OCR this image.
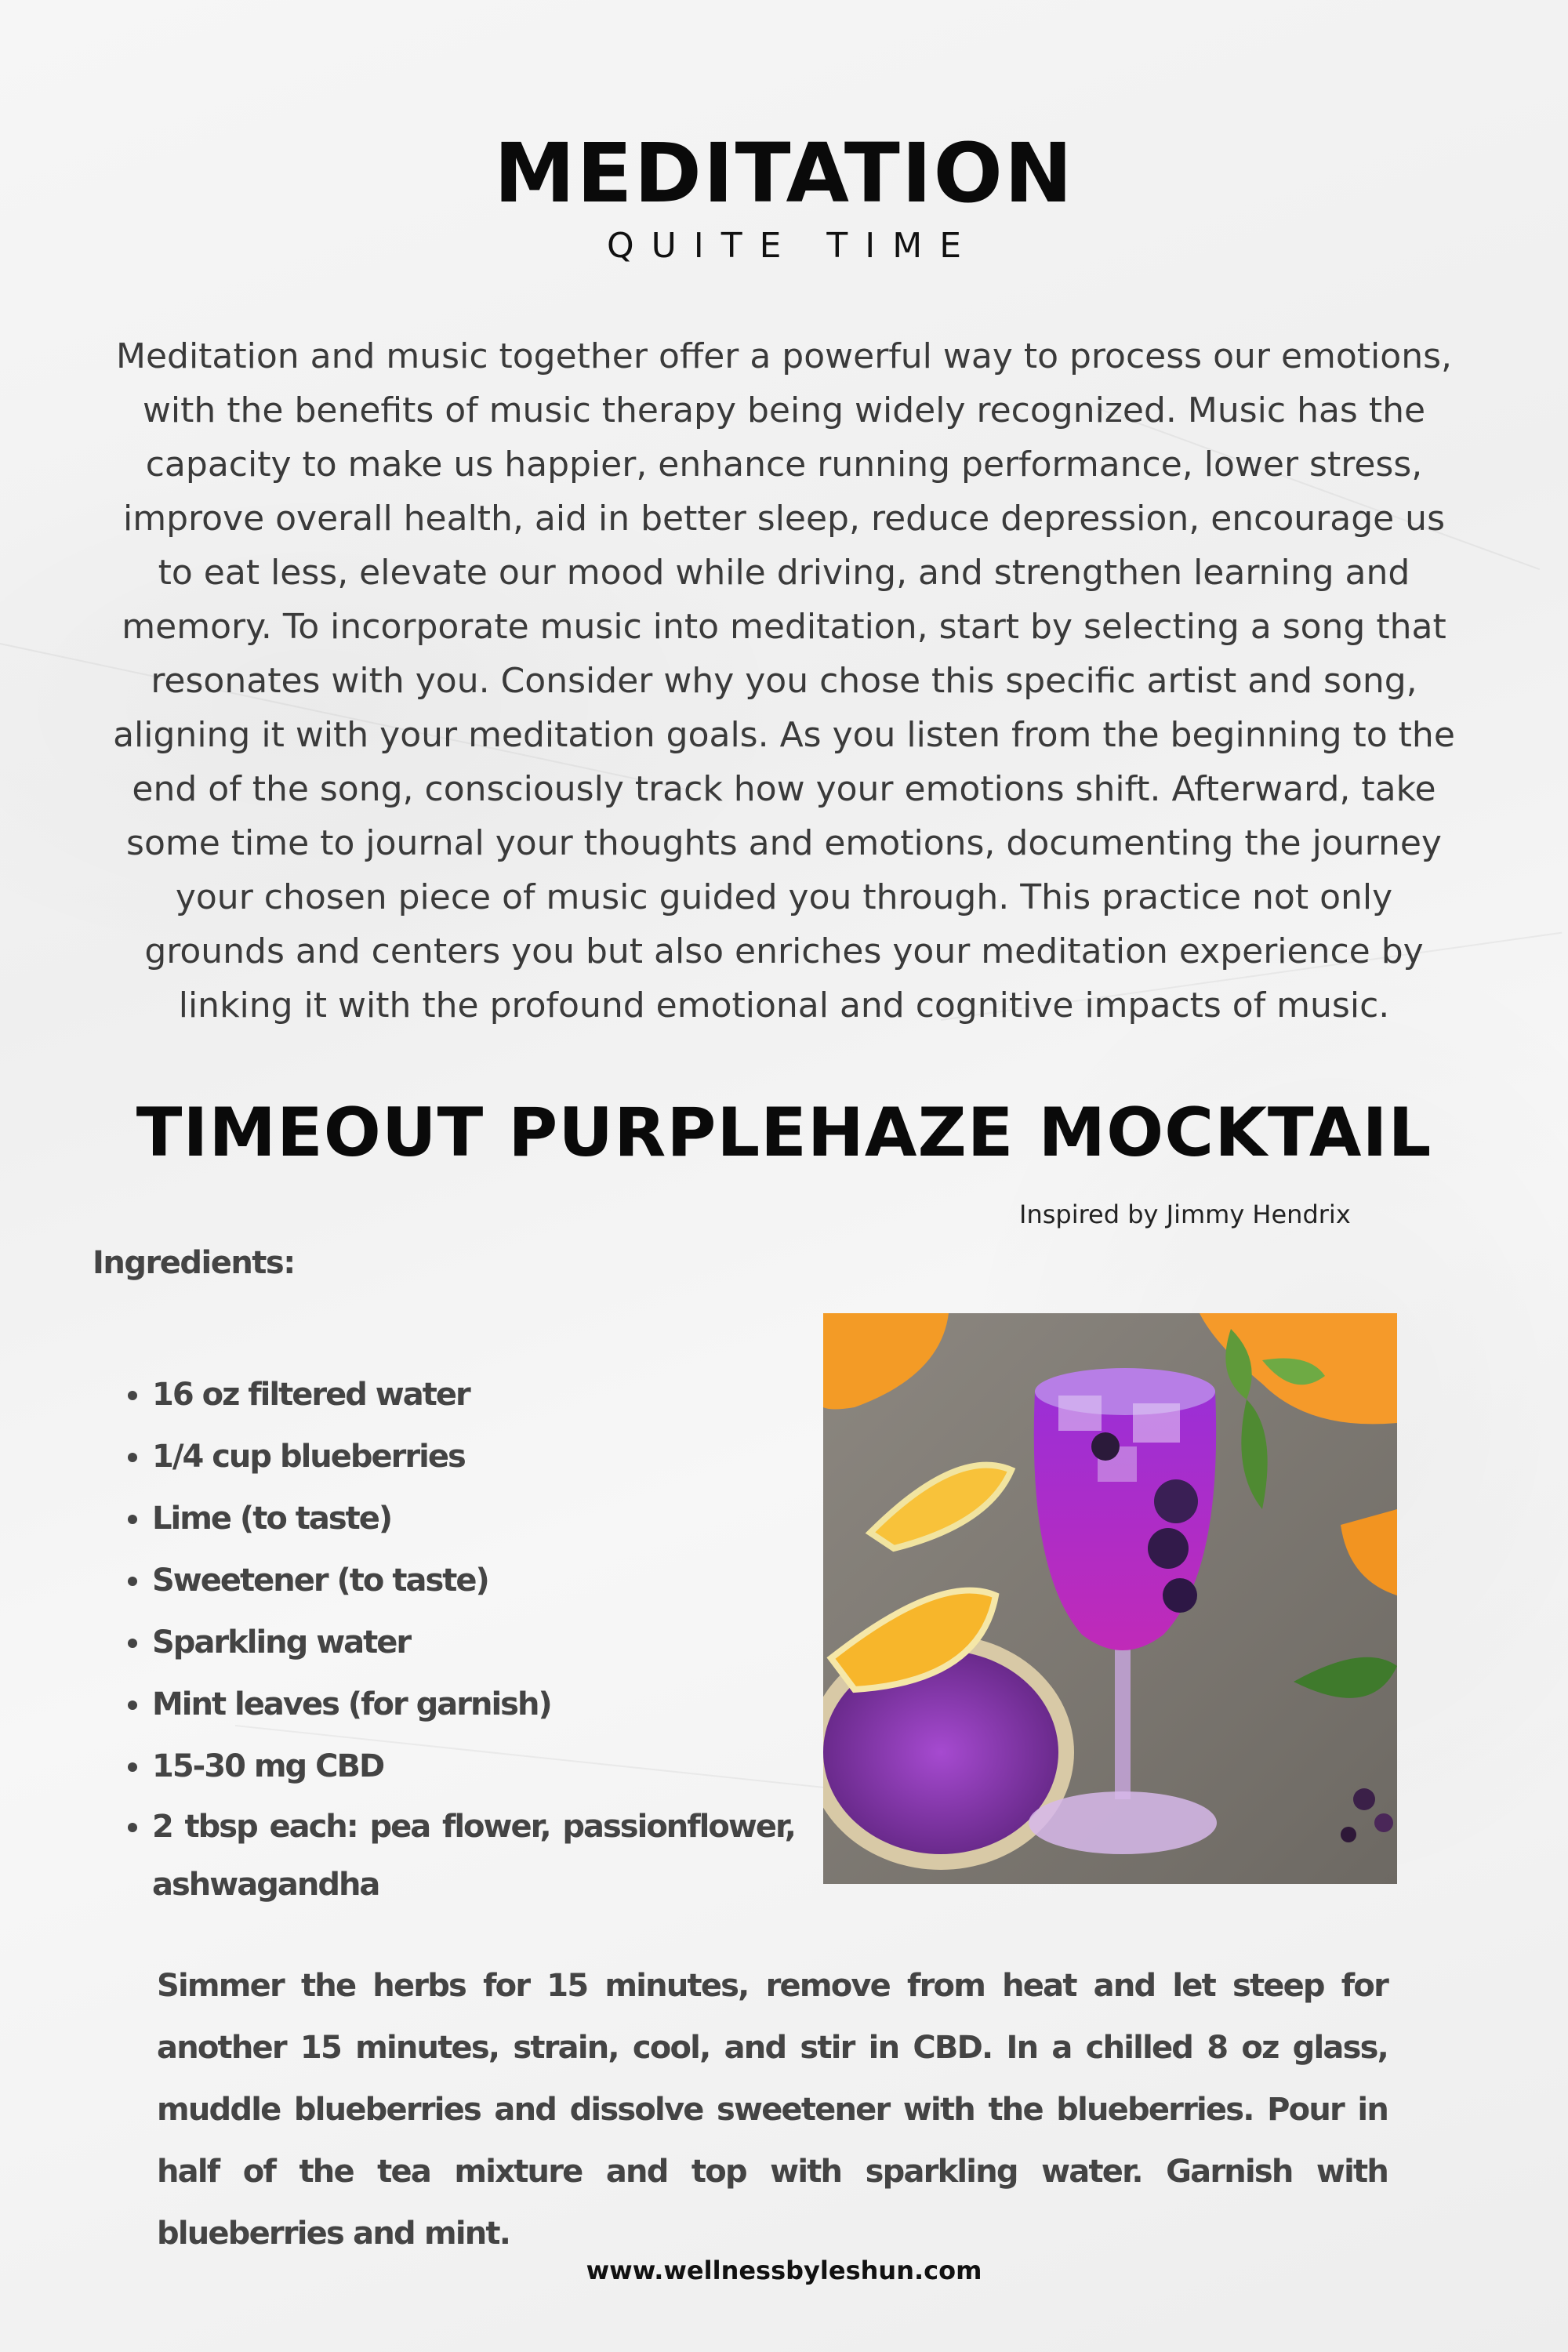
MEDITATION
QUITE TIME

Meditation and music together offer a powerful way to process our emotions, with the benefits of music therapy being widely recognized. Music has the capacity to make us happier, enhance running performance, lower stress, improve overall health, aid in better sleep, reduce depression, encourage us to eat less, elevate our mood while driving, and strengthen learning and memory. To incorporate music into meditation, start by selecting a song that resonates with you. Consider why you chose this specific artist and song, aligning it with your meditation goals. As you listen from the beginning to the end of the song, consciously track how your emotions shift. Afterward, take some time to journal your thoughts and emotions, documenting the journey your chosen piece of music guided you through. This practice not only grounds and centers you but also enriches your meditation experience by linking it with the profound emotional and cognitive impacts of music.

TIMEOUT PURPLEHAZE MOCKTAIL
Inspired by Jimmy Hendrix
Ingredients:
• 16 oz filtered water
• 1/4 cup blueberries
• Lime (to taste)
• Sweetener (to taste)
• Sparkling water
• Mint leaves (for garnish)
• 15-30 mg CBD
• 2 tbsp each: pea flower, passionflower, ashwagandha

Simmer the herbs for 15 minutes, remove from heat and let steep for another 15 minutes, strain, cool, and stir in CBD. In a chilled 8 oz glass, muddle blueberries and dissolve sweetener with the blueberries. Pour in half of the tea mixture and top with sparkling water. Garnish with blueberries and mint.

www.wellnessbyleshun.com
